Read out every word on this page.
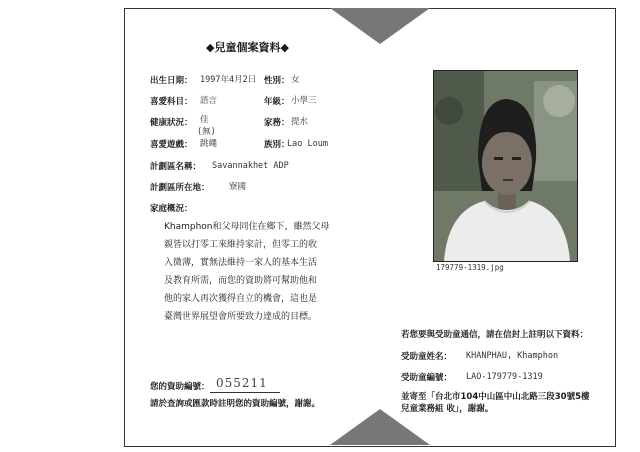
◆兒童個案資料◆
出生日期： 1997年4月2日 性別： 女
喜愛科目： 語言	年級： 小學三
健康狀況： 佳
(無)
家務： 提水
喜愛遊戲： 跳繩	族別：
Lao Loum
計劃區名稱： Savannakhet ADP
計劃區所在地： 寮國
家庭概況：
Khamphon和父母同住在鄉下，雖然父母
親皆以打零工來維持家計，但零工的收
入微薄，實無法維持一家人的基本生活
及教育所需，而您的資助將可幫助他和
他的家人再次獲得自立的機會，這也是
臺灣世界展望會所要致力達成的目標。
您的資助編號： 055211
請於查詢或匯款時註明您的資助編號，謝謝。
179779-1319.jpg
若您要與受助童通信，請在信封上註明以下資料：
受助童姓名： KHANPHAU, Khamphon
受助童編號： LAO-179779-1319
並寄至「台北市104中山區中山北路三段30號5樓
兒童業務組 收」，謝謝。
